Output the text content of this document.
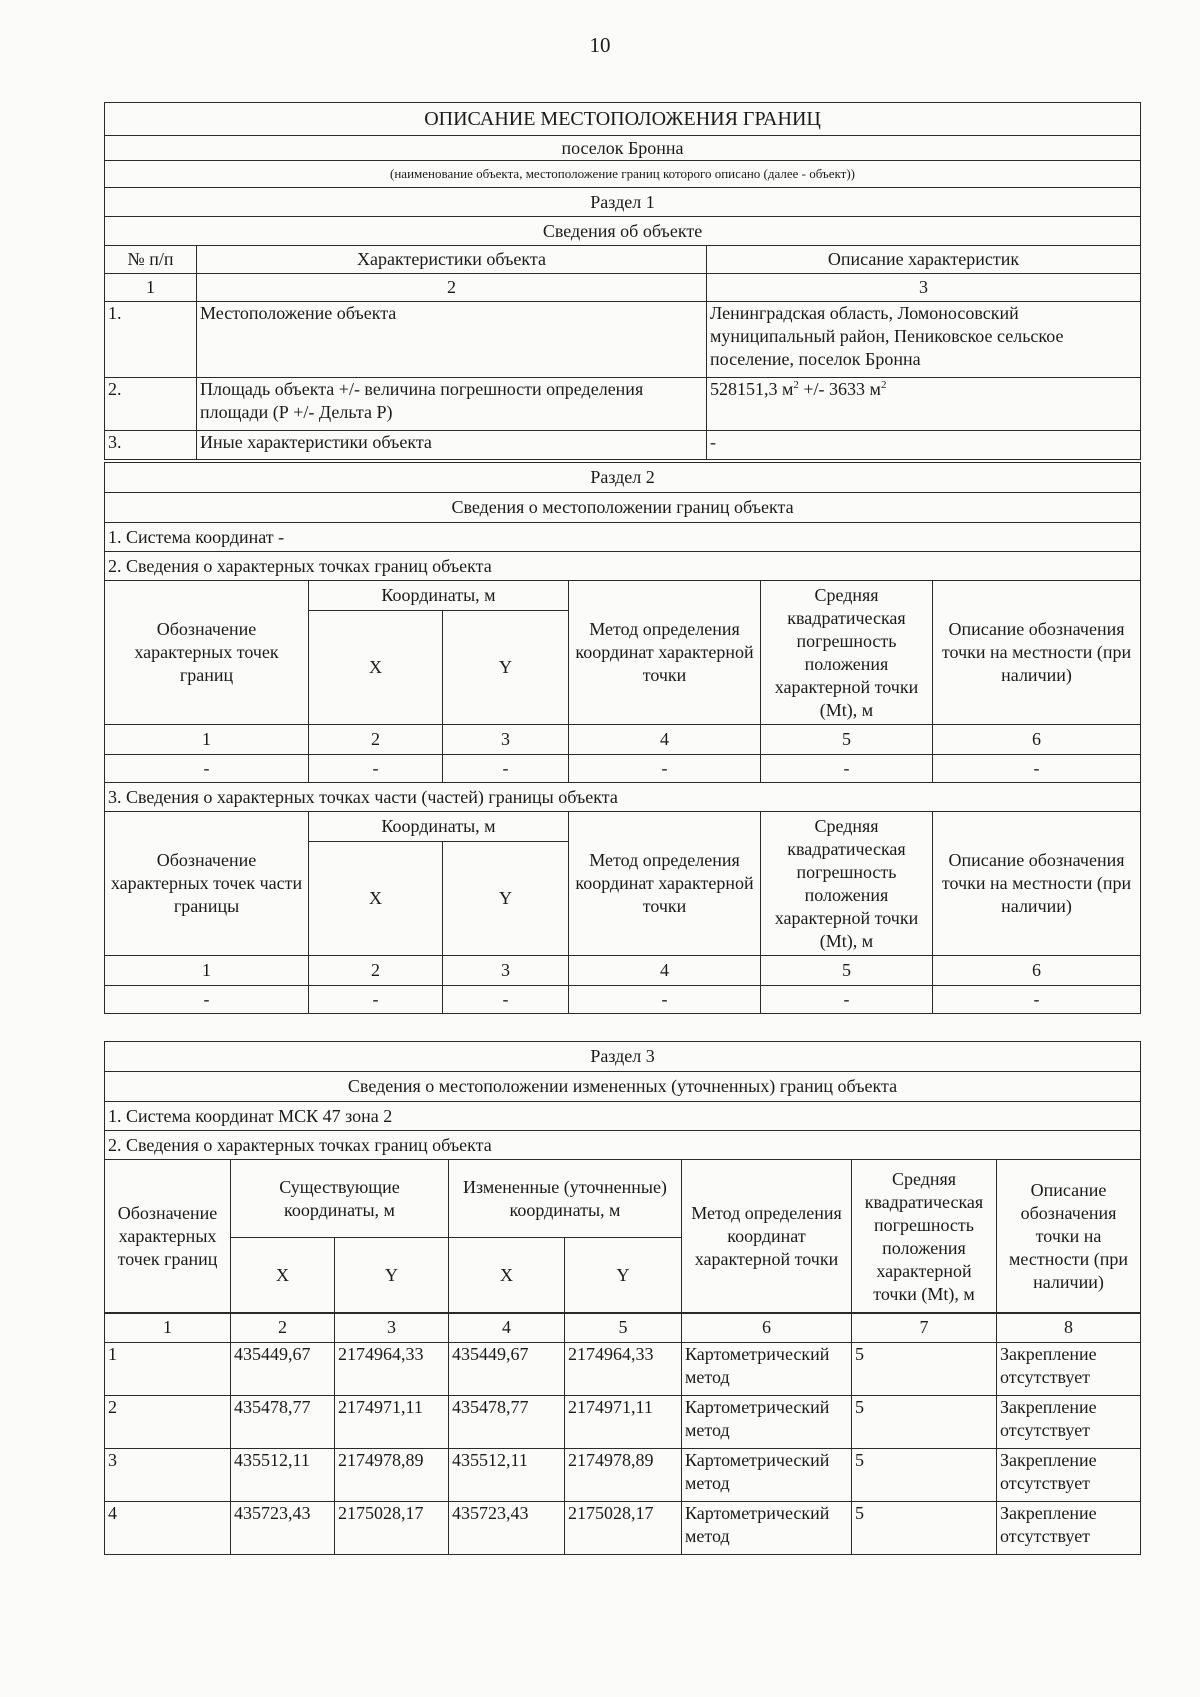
10
ОПИСАНИЕ МЕСТОПОЛОЖЕНИЯ ГРАНИЦ		
поселок Бронна		
(наименование объекта, местоположение границ которого описано (далее - объект))		
Раздел 1		
Сведения об объекте		
№ п/п	Характеристики объекта	Описание характеристик
1	2	3
1.	Местоположение объекта	Ленинградская область, Ломоносовский муниципальный район, Пениковское сельское поселение, поселок Бронна
2.	Площадь объекта +/- величина погрешности определения площади (Р +/- Дельта Р)	528151,3 $м^2$ +/- 3633 $м^2$
3.	Иные характеристики объекта	-
Раздел 2					
Сведения о местоположении границ объекта					
1. Система координат -					
2. Сведения о характерных точках границ объекта					
Обозначение характерных точек границ	Координаты, м		Метод определения координат характерной точки	Средняя квадратическая погрешность положения характерной точки (Mt), м	Описание обозначения точки на местности (при наличии)
	X	Y			
1	2	3	4	5	6
-	-	-	-	-	-
3. Сведения о характерных точках части (частей) границы объекта					
Обозначение характерных точек части границы	Координаты, м		Метод определения координат характерной точки	Средняя квадратическая погрешность положения характерной точки (Mt), м	Описание обозначения точки на местности (при наличии)
	X	Y			
1	2	3	4	5	6
-	-	-	-	-	-
Раздел 3							
Сведения о местоположении измененных (уточненных) границ объекта							
1. Система координат МСК 47 зона 2							
2. Сведения о характерных точках границ объекта							
Обозначение характерных точек границ	Существующие координаты, м		Измененные (уточненные) координаты, м		Метод определения координат характерной точки	Средняя квадратическая погрешность положения характерной точки (Mt), м	Описание обозначения точки на местности (при наличии)
	X	Y	X	Y			
1	2	3	4	5	6	7	8
1	435449,67	2174964,33	435449,67	2174964,33	Картометрический метод	5	Закрепление отсутствует
2	435478,77	2174971,11	435478,77	2174971,11	Картометрический метод	5	Закрепление отсутствует
3	435512,11	2174978,89	435512,11	2174978,89	Картометрический метод	5	Закрепление отсутствует
4	435723,43	2175028,17	435723,43	2175028,17	Картометрический метод	5	Закрепление отсутствует
